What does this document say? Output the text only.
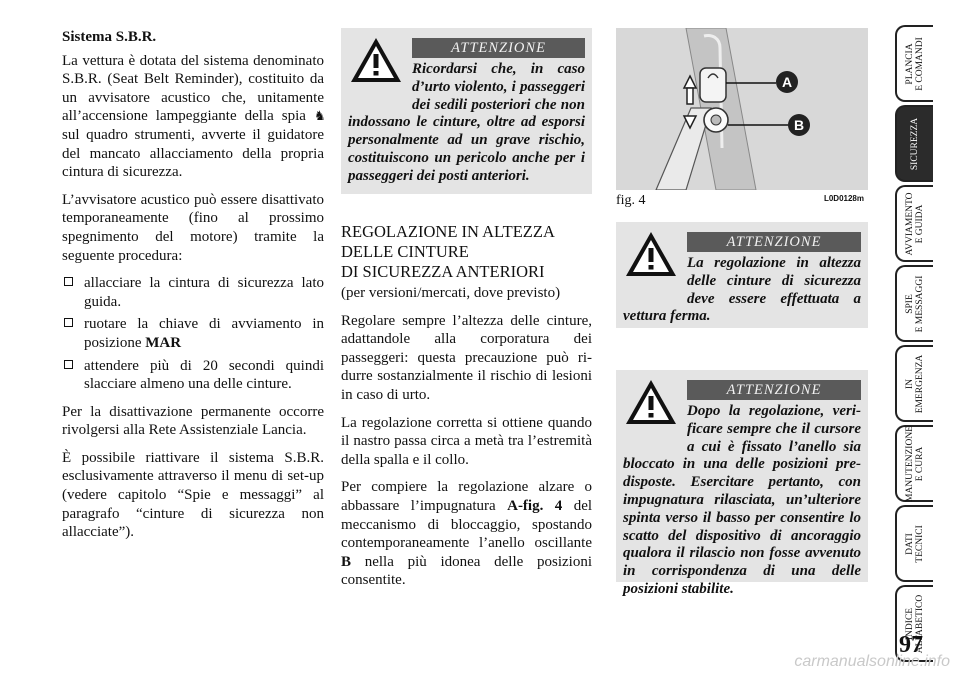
Sistema S.B.R.

La vettura è dotata del sistema denominato S.B.R. (Seat Belt Reminder), costituito da un avvisatore acustico che, unitamente all’accensione lampeggiante della spia ♞ sul quadro strumenti, avverte il guidatore del mancato allacciamento della propria cintura di sicurezza.

L’avvisatore acustico può essere disattivato temporaneamente (fino al prossimo spegnimento del motore) tramite la seguente procedura:

allacciare la cintura di sicurezza lato guida.
ruotare la chiave di avviamento in posizione MAR
attendere più di 20 secondi quindi slacciare almeno una delle cinture.

Per la disattivazione permanente occorre rivolgersi alla Rete Assistenziale Lancia.

È possibile riattivare il sistema S.B.R. esclusivamente attraverso il menu di set-up (vedere capitolo “Spie e messaggi” al paragrafo “cinture di sicurezza non allacciate”).

ATTENZIONE
Ricordarsi che, in caso d’urto violento, i passeggeri dei sedili posteriori che non indossano le cinture, oltre ad esporsi personalmente ad un grave rischio, costituiscono un pericolo anche per i passeggeri dei posti anteriori.

REGOLAZIONE IN ALTEZZA
DELLE CINTURE
DI SICUREZZA ANTERIORI

(per versioni/mercati, dove previsto)

Regolare sempre l’altezza delle cinture, adattandole alla corporatura dei passeggeri: questa precauzione può ridurre sostanzialmente il rischio di lesioni in caso di urto.

La regolazione corretta si ottiene quando il nastro passa circa a metà tra l’estremità della spalla e il collo.

Per compiere la regolazione alzare o abbassare l’impugnatura A-fig. 4 del meccanismo di bloccaggio, spostando contemporaneamente l’anello oscillante B nella più idonea delle posizioni consentite.

A
B
fig. 4	L0D0128m
ATTENZIONE
La regolazione in altezza delle cinture di sicurezza deve essere effettuata a vettura ferma.
ATTENZIONE
Dopo la regolazione, verificare sempre che il cursore a cui è fissato l’anello sia bloccato in una delle posizioni predisposte. Esercitare pertanto, con impugnatura rilasciata, un’ulteriore spinta verso il basso per consentire lo scatto del dispositivo di ancoraggio qualora il rilascio non fosse avvenuto in corrispondenza di una delle posizioni stabilite.
PLANCIA
E COMANDI
SICUREZZA
AVVIAMENTO
E GUIDA
SPIE
E MESSAGGI
IN
EMERGENZA
MANUTENZIONE
E CURA
DATI
TECNICI
INDICE
ALFABETICO
97
carmanualsonline.info
